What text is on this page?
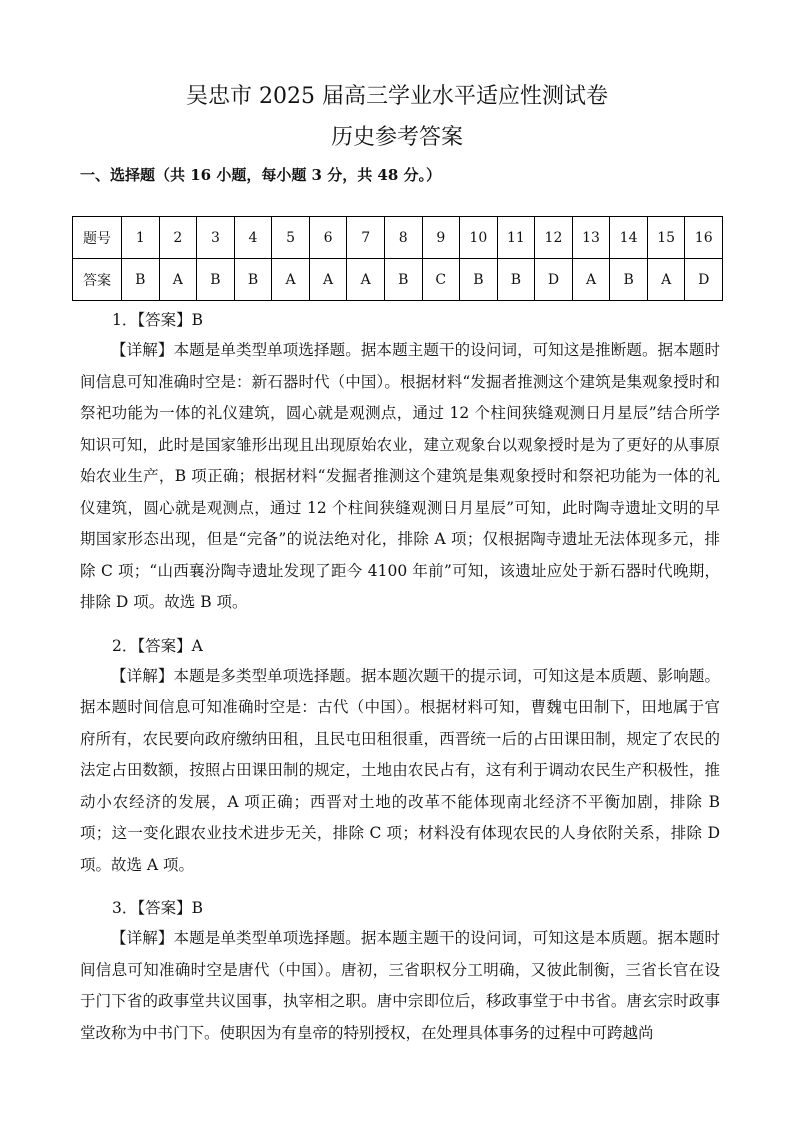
吴忠市 2025 届高三学业水平适应性测试卷
历史参考答案

一、选择题（共 16 小题，每小题 3 分，共 48 分。）

题号	1	2	3	4	5	6	7	8	9	10	11	12	13	14	15	16
答案	B	A	B	B	A	A	A	B	C	B	B	D	A	B	A	D

1．【答案】B

【详解】本题是单类型单项选择题。据本题主题干的设问词，可知这是推断题。据本题时间信息可知准确时空是：新石器时代（中国）。根据材料“发掘者推测这个建筑是集观象授时和祭祀功能为一体的礼仪建筑，圆心就是观测点，通过 12 个柱间狭缝观测日月星辰”结合所学知识可知，此时是国家雏形出现且出现原始农业，建立观象台以观象授时是为了更好的从事原始农业生产，B 项正确；根据材料“发掘者推测这个建筑是集观象授时和祭祀功能为一体的礼仪建筑，圆心就是观测点，通过 12 个柱间狭缝观测日月星辰”可知，此时陶寺遗址文明的早期国家形态出现，但是“完备”的说法绝对化，排除 A 项；仅根据陶寺遗址无法体现多元，排除 C 项；“山西襄汾陶寺遗址发现了距今 4100 年前”可知，该遗址应处于新石器时代晚期，排除 D 项。故选 B 项。

2．【答案】A

【详解】本题是多类型单项选择题。据本题次题干的提示词，可知这是本质题、影响题。据本题时间信息可知准确时空是：古代（中国）。根据材料可知，曹魏屯田制下，田地属于官府所有，农民要向政府缴纳田租，且民屯田租很重，西晋统一后的占田课田制，规定了农民的法定占田数额，按照占田课田制的规定，土地由农民占有，这有利于调动农民生产积极性，推动小农经济的发展，A 项正确；西晋对土地的改革不能体现南北经济不平衡加剧，排除 B 项；这一变化跟农业技术进步无关，排除 C 项；材料没有体现农民的人身依附关系，排除 D 项。故选 A 项。

3．【答案】B

【详解】本题是单类型单项选择题。据本题主题干的设问词，可知这是本质题。据本题时间信息可知准确时空是唐代（中国）。唐初，三省职权分工明确，又彼此制衡，三省长官在设于门下省的政事堂共议国事，执宰相之职。唐中宗即位后，移政事堂于中书省。唐玄宗时政事堂改称为中书门下。使职因为有皇帝的特别授权，在处理具体事务的过程中可跨越尚
